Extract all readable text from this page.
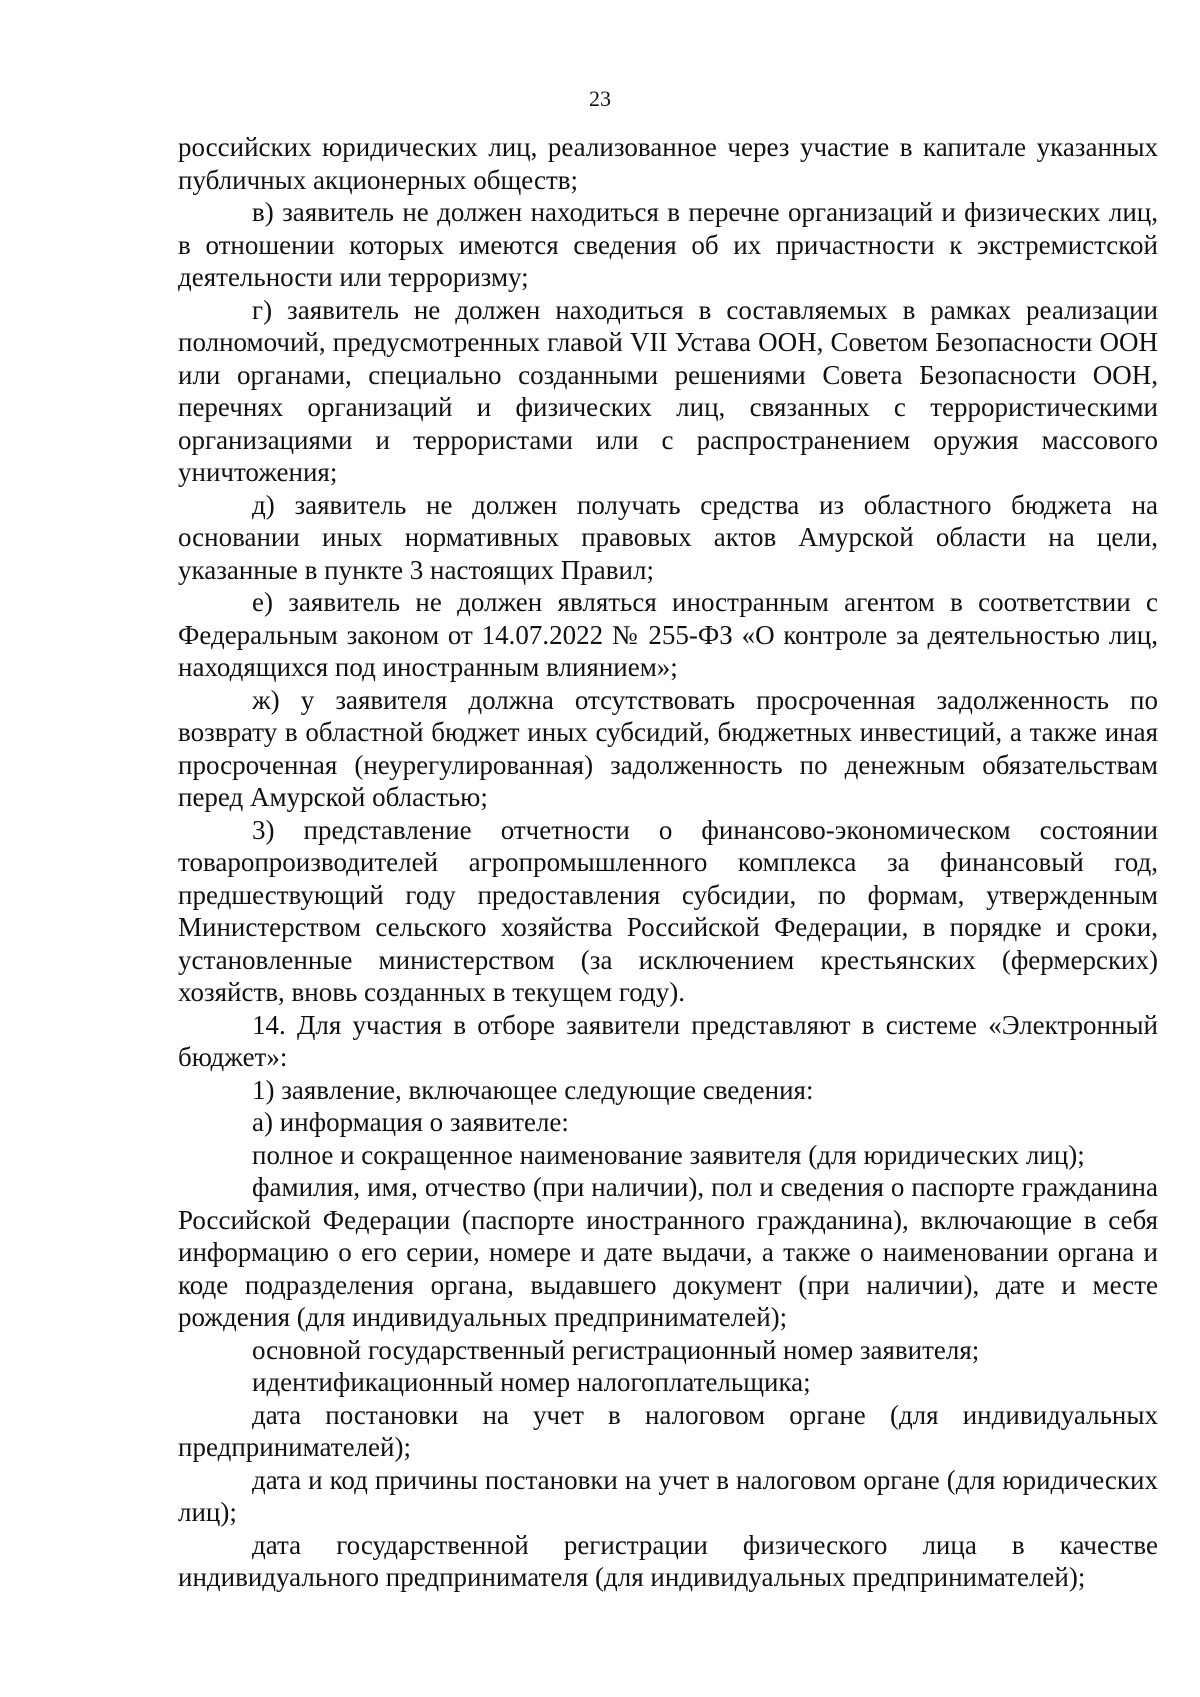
23

российских юридических лиц, реализованное через участие в капитале указанных публичных акционерных обществ;

в) заявитель не должен находиться в перечне организаций и физических лиц, в отношении которых имеются сведения об их причастности к экстремистской деятельности или терроризму;

г) заявитель не должен находиться в составляемых в рамках реализации полномочий, предусмотренных главой VII Устава ООН, Советом Безопасности ООН или органами, специально созданными решениями Совета Безопасности ООН, перечнях организаций и физических лиц, связанных с террористическими организациями и террористами или с распространением оружия массового уничтожения;

д) заявитель не должен получать средства из областного бюджета на основании иных нормативных правовых актов Амурской области на цели, указанные в пункте 3 настоящих Правил;

е) заявитель не должен являться иностранным агентом в соответствии с Федеральным законом от 14.07.2022 № 255-ФЗ «О контроле за деятельностью лиц, находящихся под иностранным влиянием»;

ж) у заявителя должна отсутствовать просроченная задолженность по возврату в областной бюджет иных субсидий, бюджетных инвестиций, а также иная просроченная (неурегулированная) задолженность по денежным обязательствам перед Амурской областью;

3) представление отчетности о финансово-экономическом состоянии товаропроизводителей агропромышленного комплекса за финансовый год, предшествующий году предоставления субсидии, по формам, утвержденным Министерством сельского хозяйства Российской Федерации, в порядке и сроки, установленные министерством (за исключением крестьянских (фермерских) хозяйств, вновь созданных в текущем году).

14. Для участия в отборе заявители представляют в системе «Электронный бюджет»:

1) заявление, включающее следующие сведения:

а) информация о заявителе:

полное и сокращенное наименование заявителя (для юридических лиц);

фамилия, имя, отчество (при наличии), пол и сведения о паспорте гражданина Российской Федерации (паспорте иностранного гражданина), включающие в себя информацию о его серии, номере и дате выдачи, а также о наименовании органа и коде подразделения органа, выдавшего документ (при наличии), дате и месте рождения (для индивидуальных предпринимателей);

основной государственный регистрационный номер заявителя;

идентификационный номер налогоплательщика;

дата постановки на учет в налоговом органе (для индивидуальных предпринимателей);

дата и код причины постановки на учет в налоговом органе (для юридических лиц);

дата государственной регистрации физического лица в качестве индивидуального предпринимателя (для индивидуальных предпринимателей);
